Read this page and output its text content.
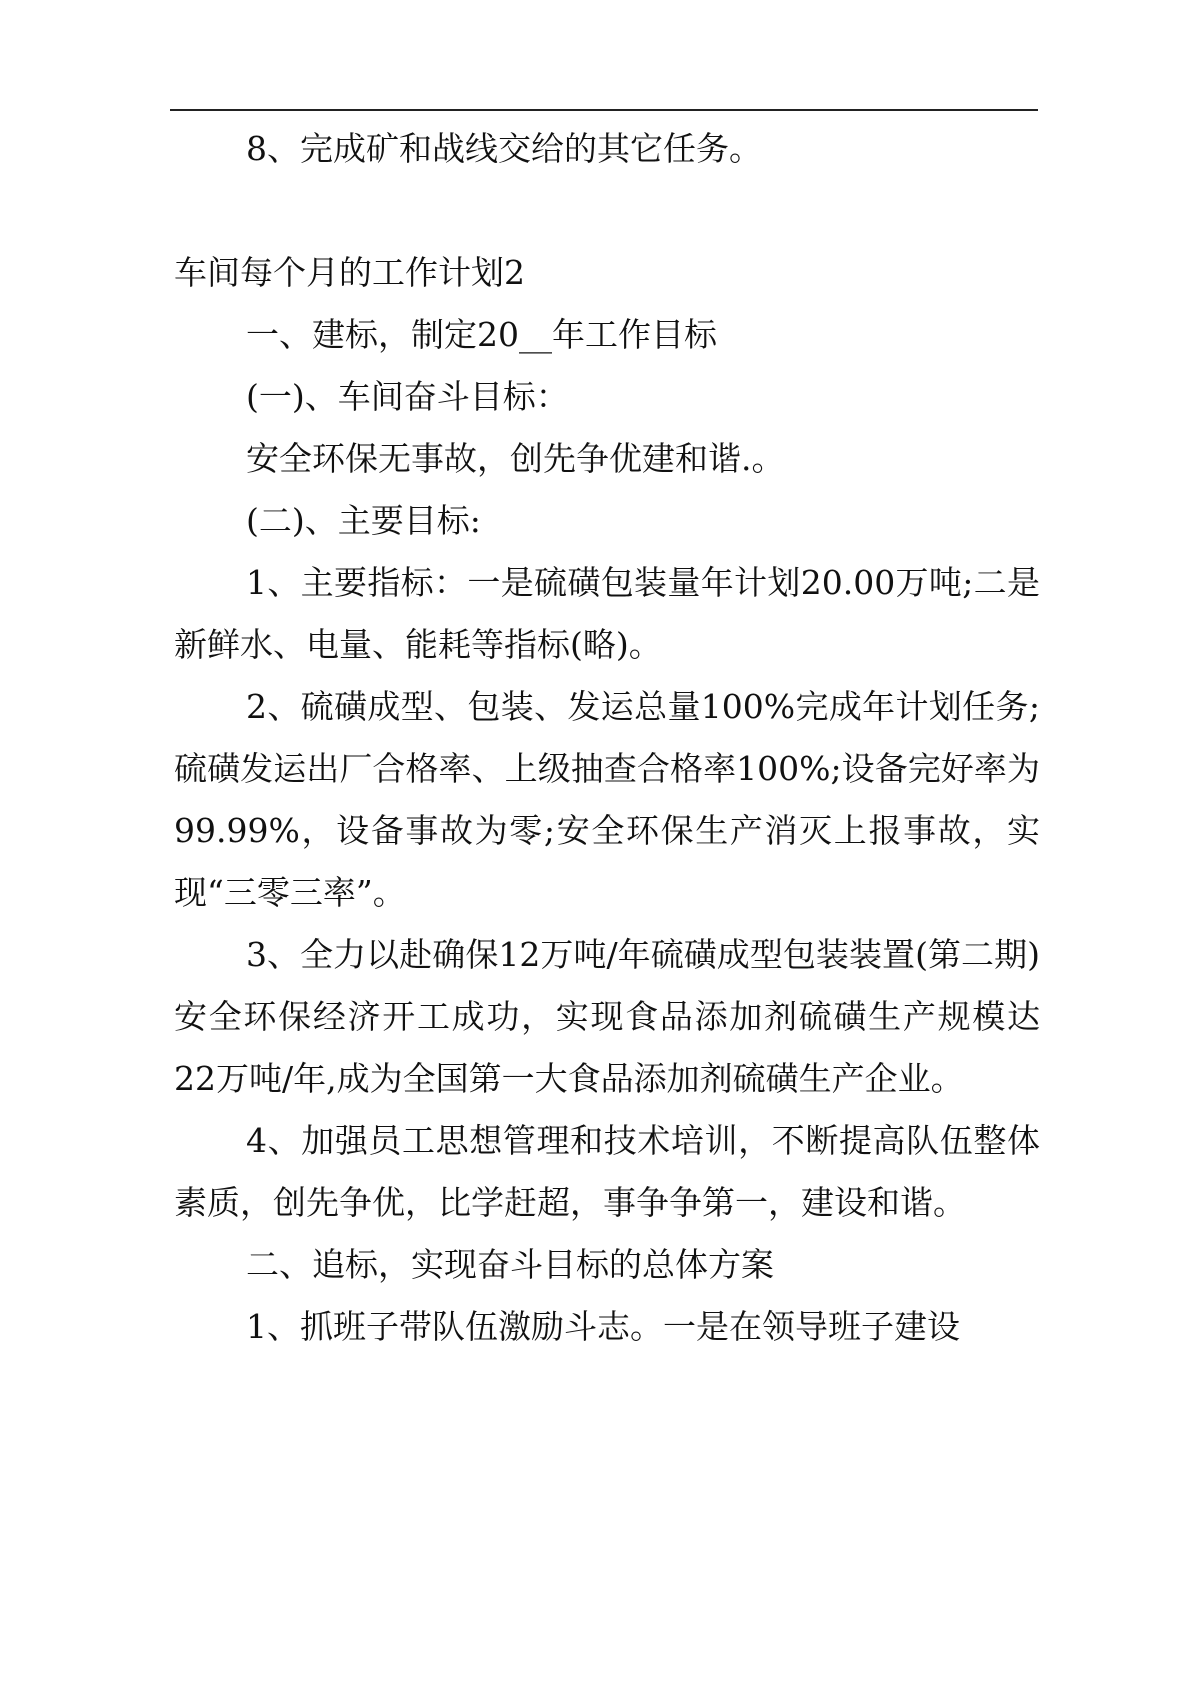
8、完成矿和战线交给的其它任务。

车间每个月的工作计划2

一、建标，制定20__年工作目标

(一)、车间奋斗目标：

安全环保无事故，创先争优建和谐.。

(二)、主要目标:

1、主要指标：一是硫磺包装量年计划20.00万吨;二是新鲜水、电量、能耗等指标(略)。

2、硫磺成型、包装、发运总量100%完成年计划任务;硫磺发运出厂合格率、上级抽查合格率100%;设备完好率为99.99%，设备事故为零;安全环保生产消灭上报事故，实现“三零三率”。

3、全力以赴确保12万吨/年硫磺成型包装装置(第二期)安全环保经济开工成功，实现食品添加剂硫磺生产规模达22万吨/年,成为全国第一大食品添加剂硫磺生产企业。

4、加强员工思想管理和技术培训，不断提高队伍整体素质，创先争优，比学赶超，事争争第一，建设和谐。

二、追标，实现奋斗目标的总体方案

1、抓班子带队伍激励斗志。一是在领导班子建设
